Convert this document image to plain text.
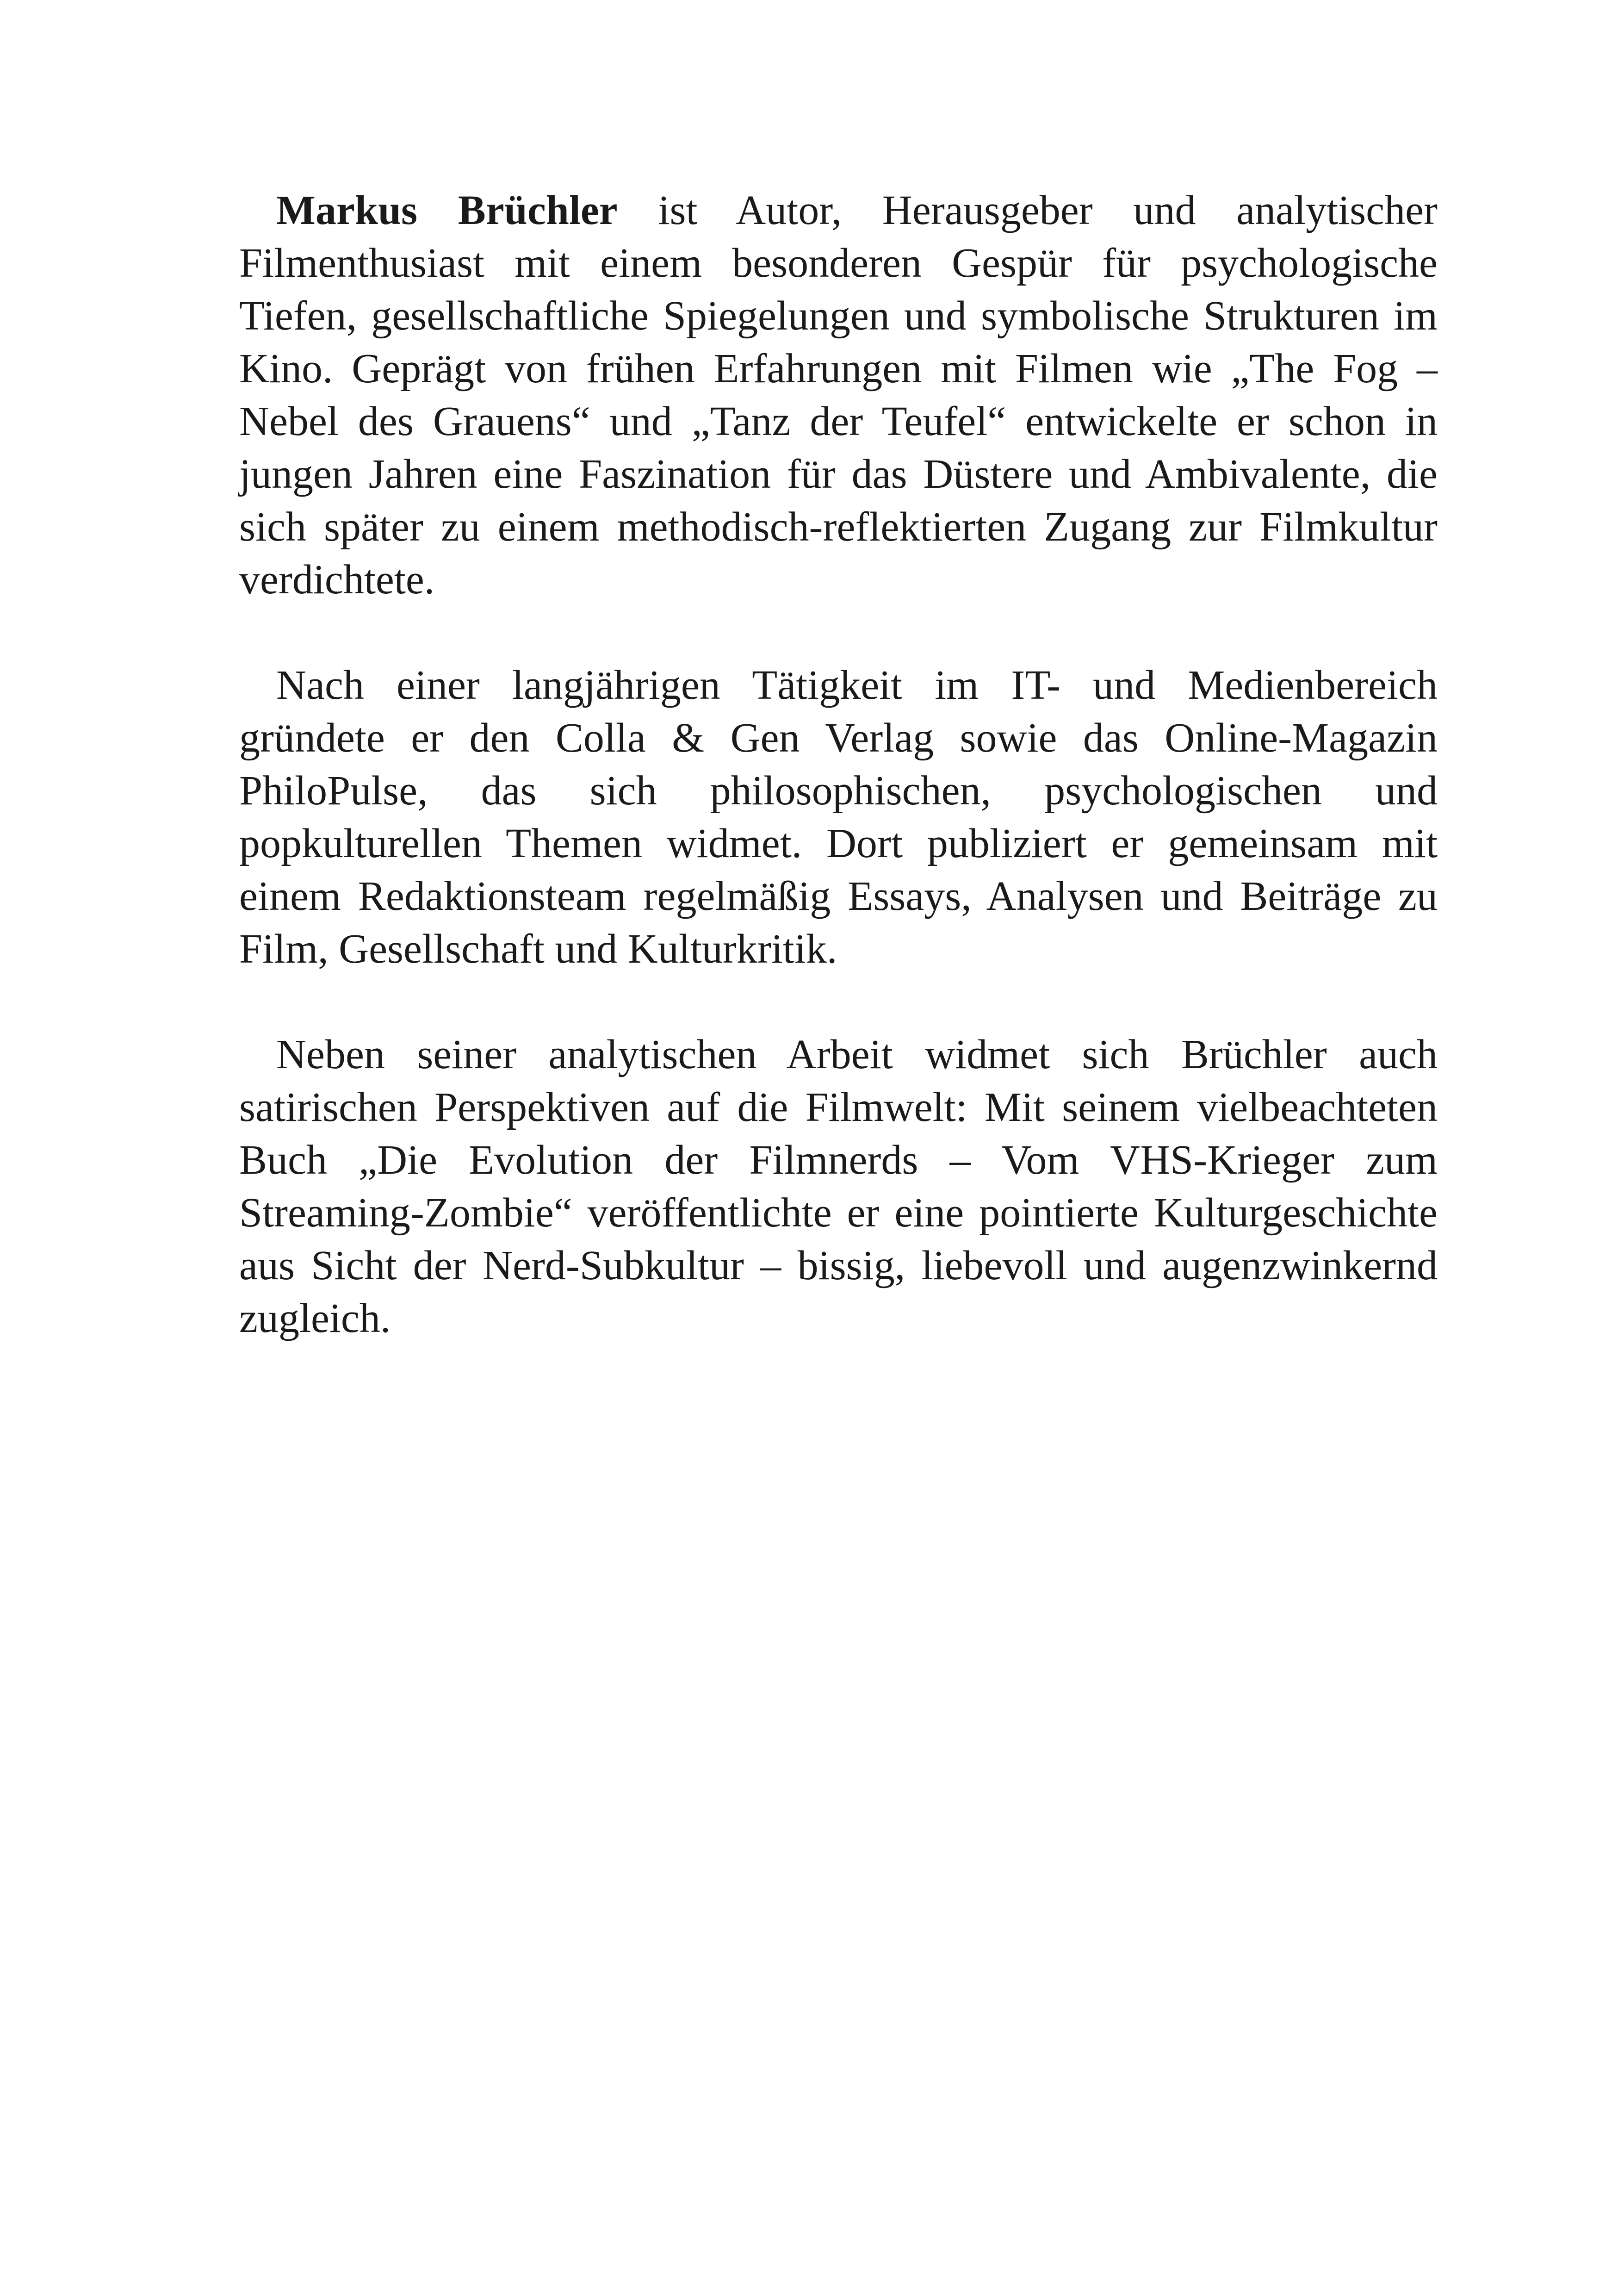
Markus Brüchler ist Autor, Herausgeber und analytischer Filmenthusiast mit einem besonderen Gespür für psychologische Tiefen, gesellschaftliche Spiegelungen und symbolische Strukturen im Kino. Geprägt von frühen Erfahrungen mit Filmen wie „The Fog – Nebel des Grauens“ und „Tanz der Teufel“ entwickelte er schon in jungen Jahren eine Faszination für das Düstere und Ambivalente, die sich später zu einem methodisch-reflektierten Zugang zur Filmkultur verdichtete.

Nach einer langjährigen Tätigkeit im IT- und Medienbereich gründete er den Colla & Gen Verlag sowie das Online-Magazin PhiloPulse, das sich philosophischen, psychologischen und popkulturellen Themen widmet. Dort publiziert er gemeinsam mit einem Redaktionsteam regelmäßig Essays, Analysen und Beiträge zu Film, Gesellschaft und Kulturkritik.

Neben seiner analytischen Arbeit widmet sich Brüchler auch satirischen Perspektiven auf die Filmwelt: Mit seinem vielbeachteten Buch „Die Evolution der Filmnerds – Vom VHS-Krieger zum Streaming-Zombie“ veröffentlichte er eine pointierte Kulturgeschichte aus Sicht der Nerd-Subkultur – bissig, liebevoll und augenzwinkernd zugleich.
